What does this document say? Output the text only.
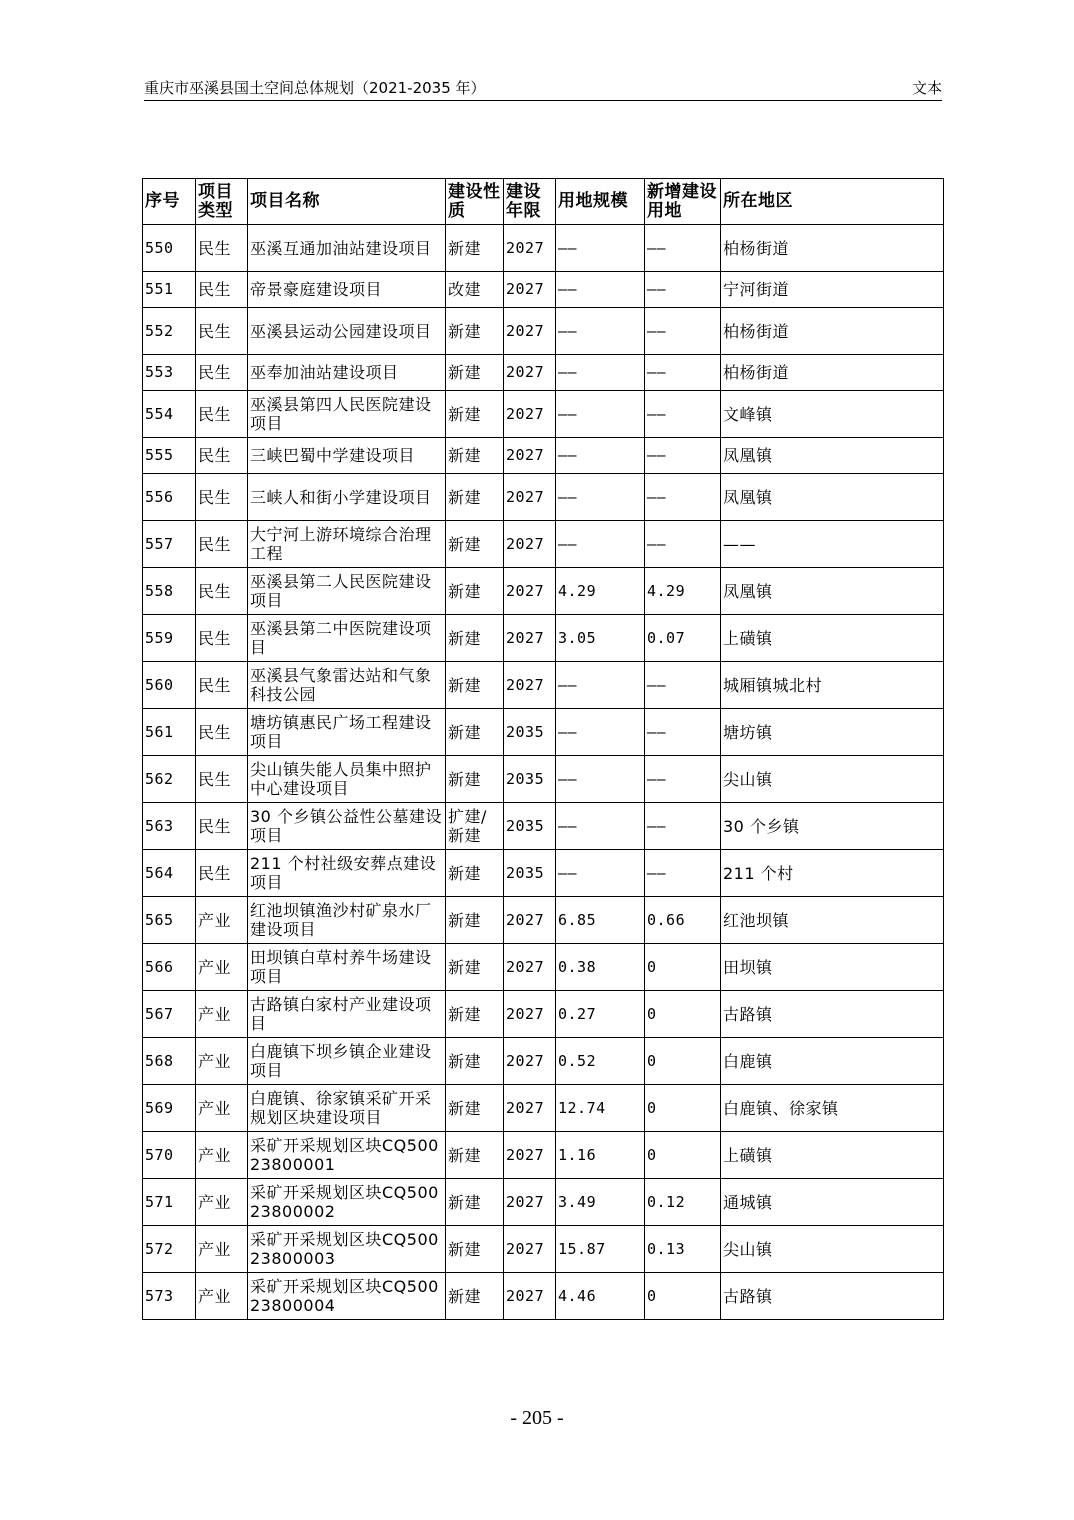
重庆市巫溪县国土空间总体规划（2021-2035 年）	文本
序号	项目类型	项目名称	建设性质	建设年限	用地规模	新增建设用地	所在地区
550	民生	巫溪互通加油站建设项目	新建	2027	——	——	柏杨街道
551	民生	帝景豪庭建设项目	改建	2027	——	——	宁河街道
552	民生	巫溪县运动公园建设项目	新建	2027	——	——	柏杨街道
553	民生	巫奉加油站建设项目	新建	2027	——	——	柏杨街道
554	民生	巫溪县第四人民医院建设项目	新建	2027	——	——	文峰镇
555	民生	三峡巴蜀中学建设项目	新建	2027	——	——	凤凰镇
556	民生	三峡人和街小学建设项目	新建	2027	——	——	凤凰镇
557	民生	大宁河上游环境综合治理工程	新建	2027	——	——	——
558	民生	巫溪县第二人民医院建设项目	新建	2027	4.29	4.29	凤凰镇
559	民生	巫溪县第二中医院建设项目	新建	2027	3.05	0.07	上磺镇
560	民生	巫溪县气象雷达站和气象科技公园	新建	2027	——	——	城厢镇城北村
561	民生	塘坊镇惠民广场工程建设项目	新建	2035	——	——	塘坊镇
562	民生	尖山镇失能人员集中照护中心建设项目	新建	2035	——	——	尖山镇
563	民生	30 个乡镇公益性公墓建设项目	扩建/新建	2035	——	——	30 个乡镇
564	民生	211 个村社级安葬点建设项目	新建	2035	——	——	211 个村
565	产业	红池坝镇渔沙村矿泉水厂建设项目	新建	2027	6.85	0.66	红池坝镇
566	产业	田坝镇白草村养牛场建设项目	新建	2027	0.38	0	田坝镇
567	产业	古路镇白家村产业建设项目	新建	2027	0.27	0	古路镇
568	产业	白鹿镇下坝乡镇企业建设项目	新建	2027	0.52	0	白鹿镇
569	产业	白鹿镇、徐家镇采矿开采规划区块建设项目	新建	2027	12.74	0	白鹿镇、徐家镇
570	产业	采矿开采规划区块CQ50023800001	新建	2027	1.16	0	上磺镇
571	产业	采矿开采规划区块CQ50023800002	新建	2027	3.49	0.12	通城镇
572	产业	采矿开采规划区块CQ50023800003	新建	2027	15.87	0.13	尖山镇
573	产业	采矿开采规划区块CQ50023800004	新建	2027	4.46	0	古路镇
- 205 -
